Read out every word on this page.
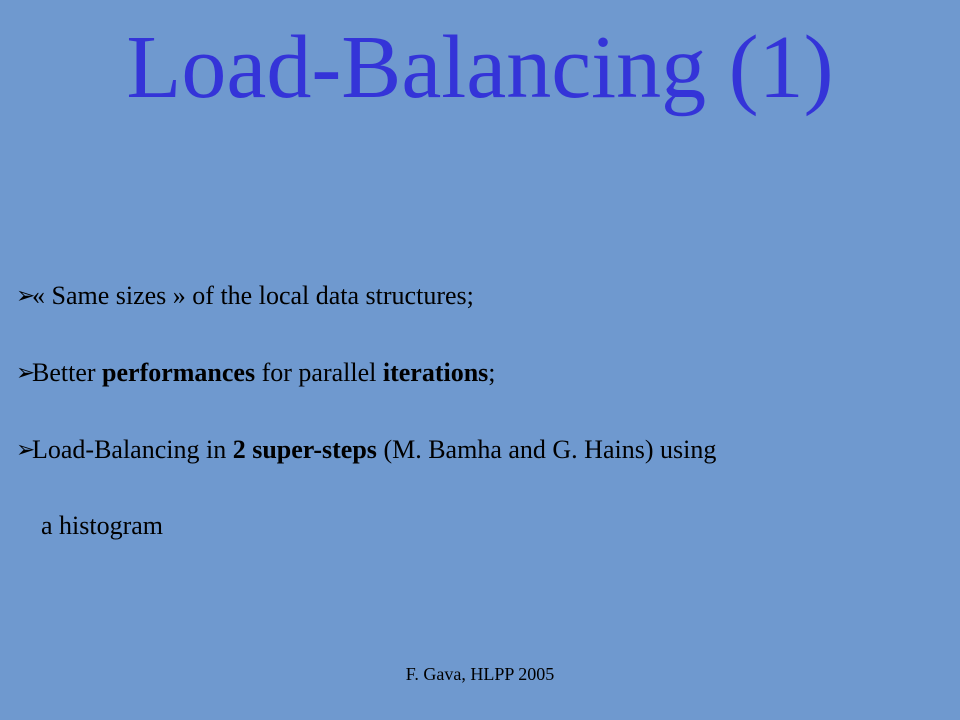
Load-Balancing (1)
➢« Same sizes » of the local data structures;
➢Better performances for parallel iterations;
➢Load-Balancing in 2 super-steps (M. Bamha and G. Hains) using
a histogram
F. Gava, HLPP 2005
